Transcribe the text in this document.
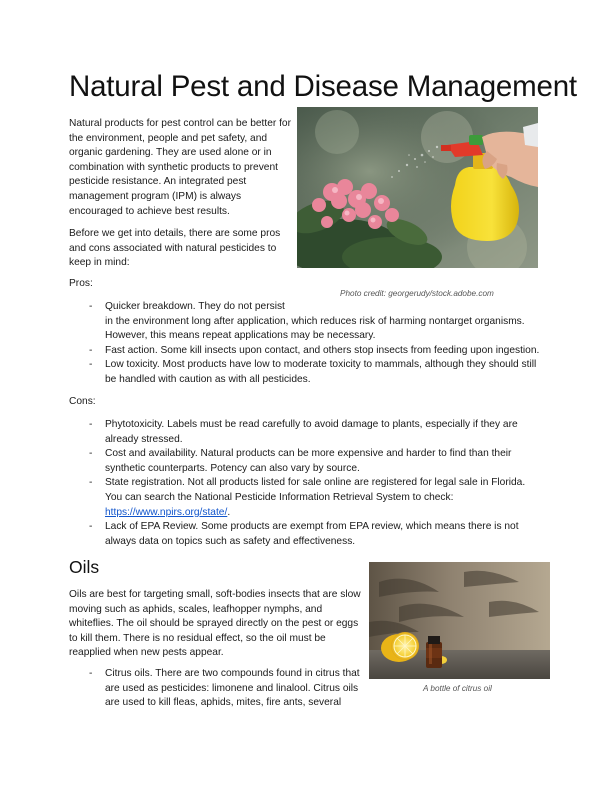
Natural Pest and Disease Management

Natural products for pest control can be better for the environment, people and pet safety, and organic gardening. They are used alone or in combination with synthetic products to prevent pesticide resistance. An integrated pest management program (IPM) is always encouraged to achieve best results.

Before we get into details, there are some pros and cons associated with natural pesticides to keep in mind:

Photo credit: georgerudy/stock.adobe.com
Pros:
- Quicker breakdown. They do not persist
in the environment long after application, which reduces risk of harming nontarget organisms. However, this means repeat applications may be necessary.
- Fast action. Some kill insects upon contact, and others stop insects from feeding upon ingestion.
- Low toxicity. Most products have low to moderate toxicity to mammals, although they should still be handled with caution as with all pesticides.
Cons:
- Phytotoxicity. Labels must be read carefully to avoid damage to plants, especially if they are already stressed.
- Cost and availability. Natural products can be more expensive and harder to find than their synthetic counterparts. Potency can also vary by source.
- State registration. Not all products listed for sale online are registered for legal sale in Florida. You can search the National Pesticide Information Retrieval System to check: https://www.npirs.org/state/.
- Lack of EPA Review. Some products are exempt from EPA review, which means there is not always data on topics such as safety and effectiveness.
Oils

Oils are best for targeting small, soft-bodies insects that are slow moving such as aphids, scales, leafhopper nymphs, and whiteflies. The oil should be sprayed directly on the pest or eggs to kill them. There is no residual effect, so the oil must be reapplied when new pests appear.

- Citrus oils. There are two compounds found in citrus that are used as pesticides: limonene and linalool. Citrus oils are used to kill fleas, aphids, mites, fire ants, several
A bottle of citrus oil
